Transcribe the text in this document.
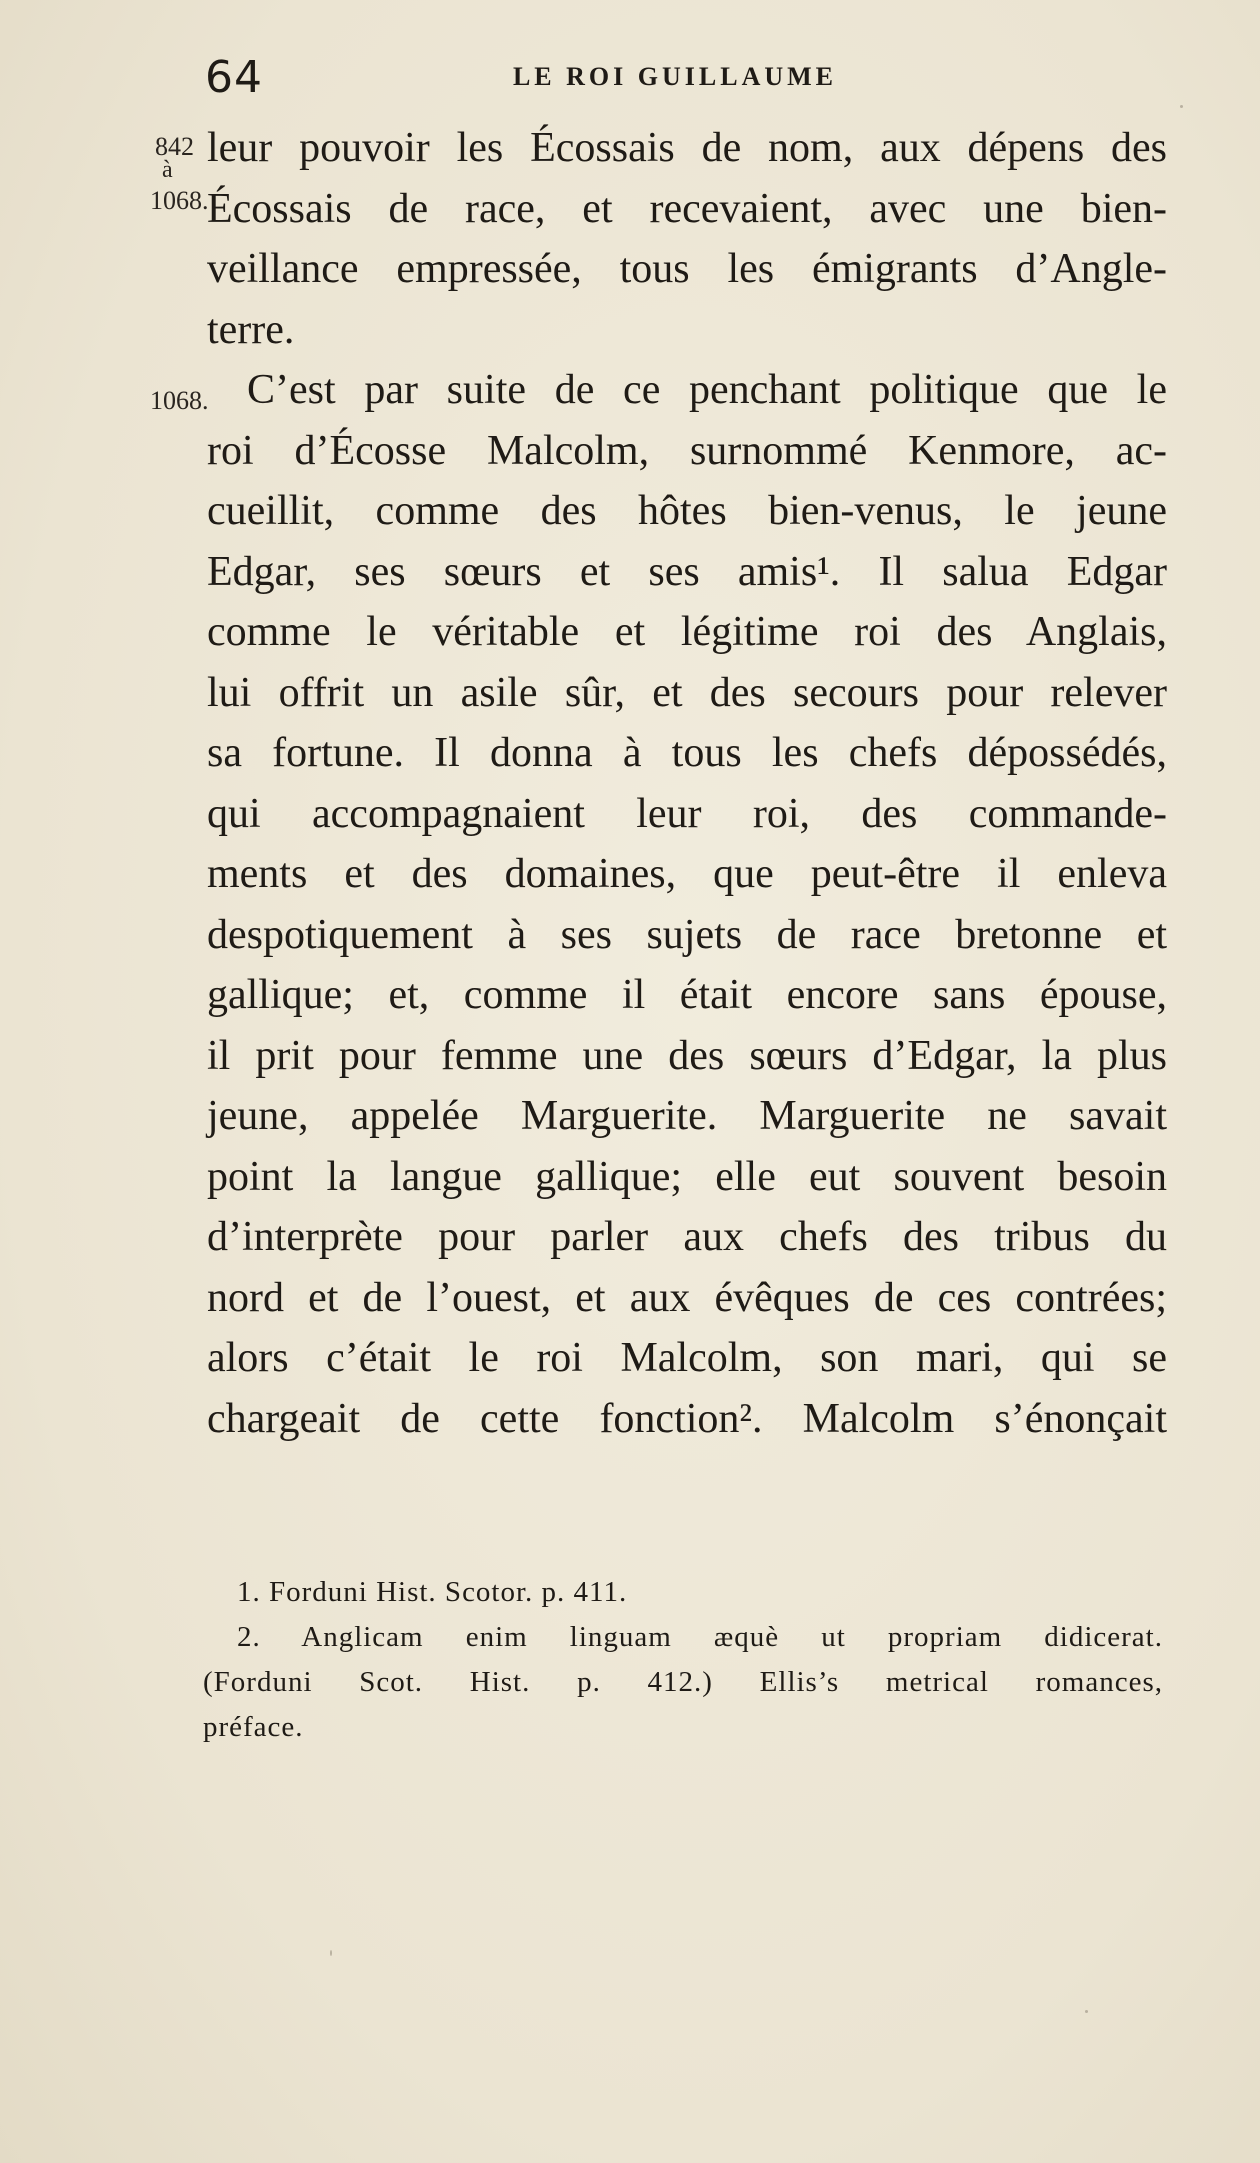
64	LE ROI GUILLAUME
842
à
1068.
1068.
leur pouvoir les Écossais de nom, aux dépens des
Écossais de race, et recevaient, avec une bien-
veillance empressée, tous les émigrants d’Angle-
terre.
C’est par suite de ce penchant politique que le
roi d’Écosse Malcolm, surnommé Kenmore, ac-
cueillit, comme des hôtes bien-venus, le jeune
Edgar, ses sœurs et ses amis¹. Il salua Edgar
comme le véritable et légitime roi des Anglais,
lui offrit un asile sûr, et des secours pour relever
sa fortune. Il donna à tous les chefs dépossédés,
qui accompagnaient leur roi, des commande-
ments et des domaines, que peut-être il enleva
despotiquement à ses sujets de race bretonne et
gallique; et, comme il était encore sans épouse,
il prit pour femme une des sœurs d’Edgar, la plus
jeune, appelée Marguerite. Marguerite ne savait
point la langue gallique; elle eut souvent besoin
d’interprète pour parler aux chefs des tribus du
nord et de l’ouest, et aux évêques de ces contrées;
alors c’était le roi Malcolm, son mari, qui se
chargeait de cette fonction². Malcolm s’énonçait
1. Forduni Hist. Scotor. p. 411.
2. Anglicam enim linguam æquè ut propriam didicerat.
(Forduni Scot. Hist. p. 412.) Ellis’s metrical romances,
préface.
